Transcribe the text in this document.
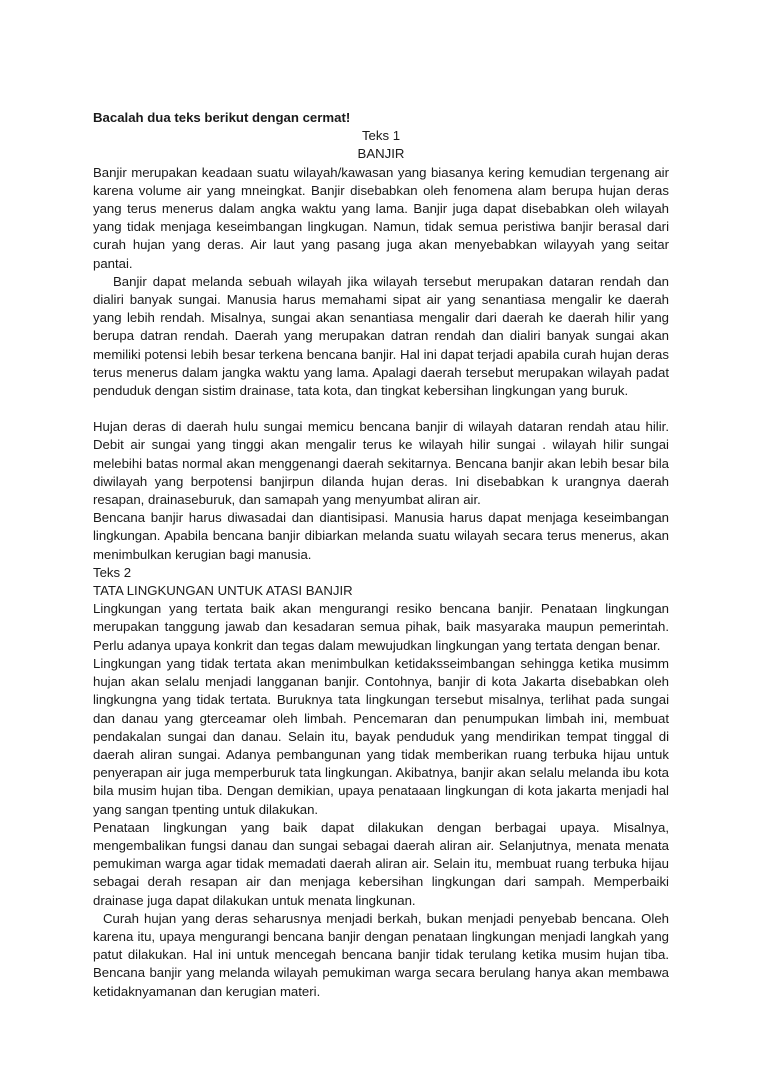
Bacalah dua teks berikut dengan cermat!

Teks 1

BANJIR

Banjir merupakan keadaan suatu wilayah/kawasan yang biasanya kering kemudian tergenang air karena volume air yang mneingkat. Banjir disebabkan oleh fenomena alam berupa hujan deras yang terus menerus dalam angka waktu yang lama. Banjir juga dapat disebabkan oleh wilayah yang tidak menjaga keseimbangan lingkugan. Namun, tidak semua peristiwa banjir berasal dari curah hujan yang deras. Air laut yang pasang juga akan menyebabkan wilayyah yang seitar pantai.

Banjir dapat melanda sebuah wilayah jika wilayah tersebut merupakan dataran rendah dan dialiri banyak sungai. Manusia harus memahami sipat air yang senantiasa mengalir ke daerah yang lebih rendah. Misalnya, sungai akan senantiasa mengalir dari daerah ke daerah hilir yang berupa datran rendah. Daerah yang merupakan datran rendah dan dialiri banyak sungai akan memiliki potensi lebih besar terkena bencana banjir. Hal ini dapat terjadi apabila curah hujan deras terus menerus dalam jangka waktu yang lama. Apalagi daerah tersebut merupakan wilayah padat penduduk dengan sistim drainase, tata kota, dan tingkat kebersihan lingkungan yang buruk.

Hujan deras di daerah hulu sungai memicu bencana banjir di wilayah dataran rendah atau hilir. Debit air sungai yang tinggi akan mengalir terus ke wilayah hilir sungai . wilayah hilir sungai melebihi batas normal akan menggenangi daerah sekitarnya. Bencana banjir akan lebih besar bila diwilayah yang berpotensi banjirpun dilanda hujan deras. Ini disebabkan k urangnya daerah resapan, drainaseburuk, dan samapah yang menyumbat aliran air.

Bencana banjir harus diwasadai dan diantisipasi. Manusia harus dapat menjaga keseimbangan lingkungan. Apabila bencana banjir dibiarkan melanda suatu wilayah secara terus menerus, akan menimbulkan kerugian bagi manusia.

Teks 2

TATA LINGKUNGAN UNTUK ATASI BANJIR

Lingkungan yang tertata baik akan mengurangi resiko bencana banjir. Penataan lingkungan merupakan tanggung jawab dan kesadaran semua pihak, baik masyaraka maupun pemerintah. Perlu adanya upaya konkrit dan tegas dalam mewujudkan lingkungan yang tertata dengan benar.

Lingkungan yang tidak tertata akan menimbulkan ketidaksseimbangan sehingga ketika musimm hujan akan selalu menjadi langganan banjir. Contohnya, banjir di kota Jakarta disebabkan oleh lingkungna yang tidak tertata. Buruknya tata lingkungan tersebut misalnya, terlihat pada sungai dan danau yang gterceamar oleh limbah. Pencemaran dan penumpukan limbah ini, membuat pendakalan sungai dan danau. Selain itu, bayak penduduk yang mendirikan tempat tinggal di daerah aliran sungai. Adanya pembangunan yang tidak memberikan ruang terbuka hijau untuk penyerapan air juga memperburuk tata lingkungan. Akibatnya, banjir akan selalu melanda ibu kota bila musim hujan tiba. Dengan demikian, upaya penataaan lingkungan di kota jakarta menjadi hal yang sangan tpenting untuk dilakukan.

Penataan lingkungan yang baik dapat dilakukan dengan berbagai upaya. Misalnya, mengembalikan fungsi danau dan sungai sebagai daerah aliran air. Selanjutnya, menata menata pemukiman warga agar tidak memadati daerah aliran air. Selain itu, membuat ruang terbuka hijau sebagai derah resapan air dan menjaga kebersihan lingkungan dari sampah. Memperbaiki drainase juga dapat dilakukan untuk menata lingkunan.

Curah hujan yang deras seharusnya menjadi berkah, bukan menjadi penyebab bencana. Oleh karena itu, upaya mengurangi bencana banjir dengan penataan lingkungan menjadi langkah yang patut dilakukan. Hal ini untuk mencegah bencana banjir tidak terulang ketika musim hujan tiba. Bencana banjir yang melanda wilayah pemukiman warga secara berulang hanya akan membawa ketidaknyamanan dan kerugian materi.
